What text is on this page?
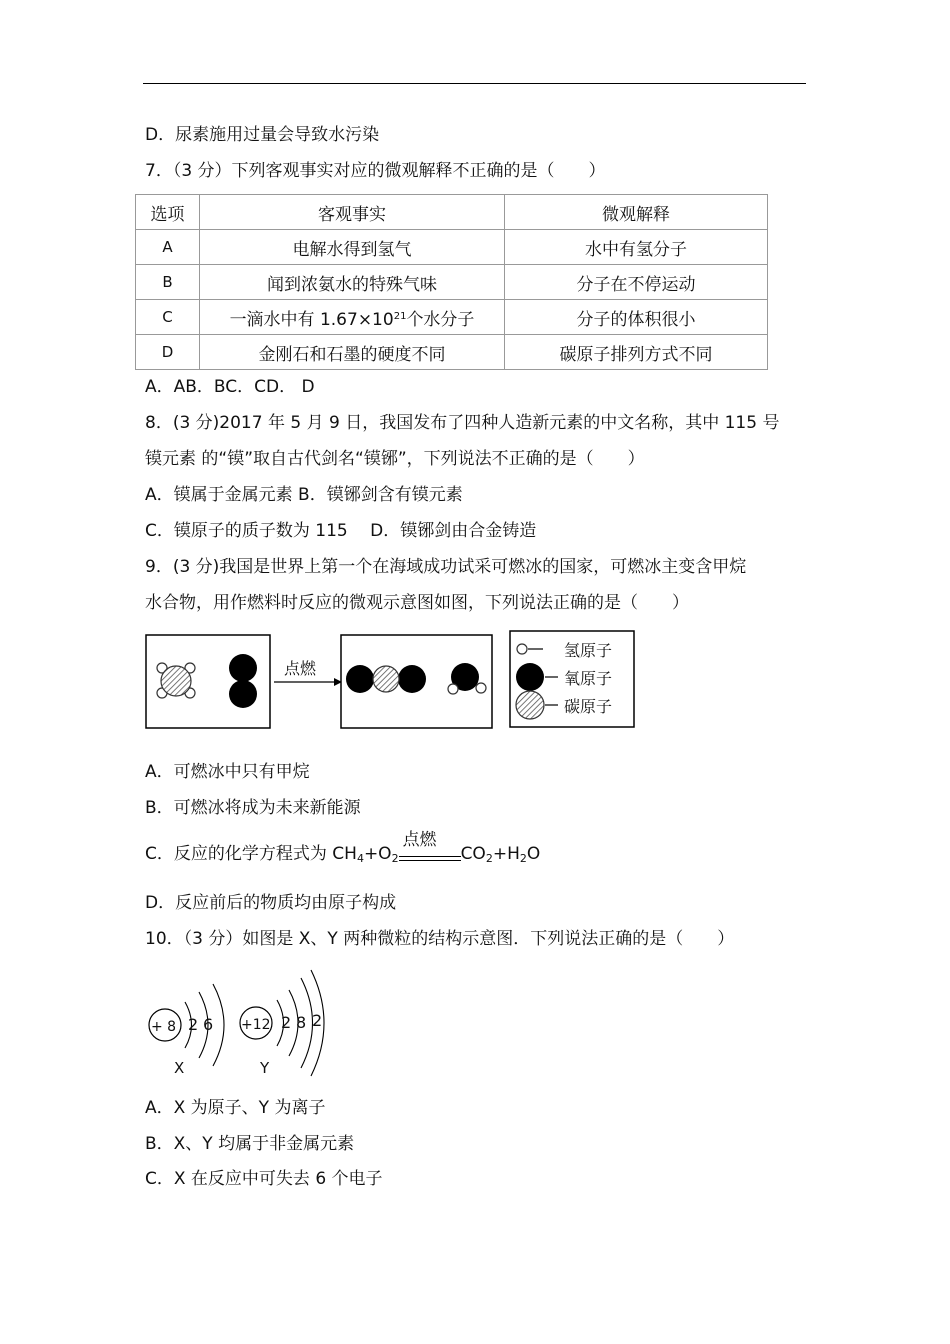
D．尿素施用过量会导致水污染
7．（3 分）下列客观事实对应的微观解释不正确的是（　　）
选项	客观事实	微观解释
A	电解水得到氢气	水中有氢分子
B	闻到浓氨水的特殊气味	分子在不停运动
C	一滴水中有 $1.67\times 10^{21}$个水分子	分子的体积很小
D	金刚石和石墨的硬度不同	碳原子排列方式不同
A．AB．BC．CD． D
8．(3 分)2017 年 5 月 9 日，我国发布了四种人造新元素的中文名称，其中 115 号
镆元素 的“镆”取自古代剑名“镆铘”，下列说法不正确的是（　　）
A．镆属于金属元素 B．镆铘剑含有镆元素
C．镆原子的质子数为 115　 D．镆铘剑由合金铸造
9．(3 分)我国是世界上第一个在海域成功试采可燃冰的国家，可燃冰主变含甲烷
水合物，用作燃料时反应的微观示意图如图，下列说法正确的是（　　）
点燃
氢原子
氧原子
碳原子
A．可燃冰中只有甲烷
B．可燃冰将成为未来新能源
C．反应的化学方程式为 $CH_4+O_2$
点燃
$CO_2+H_2O$
D．反应前后的物质均由原子构成
10．（3 分）如图是 X、Y 两种微粒的结构示意图．下列说法正确的是（　　）
+ 8 2 6
X
+12 2 8 2
Y
A．X 为原子、Y 为离子
B．X、Y 均属于非金属元素
C．X 在反应中可失去 6 个电子
